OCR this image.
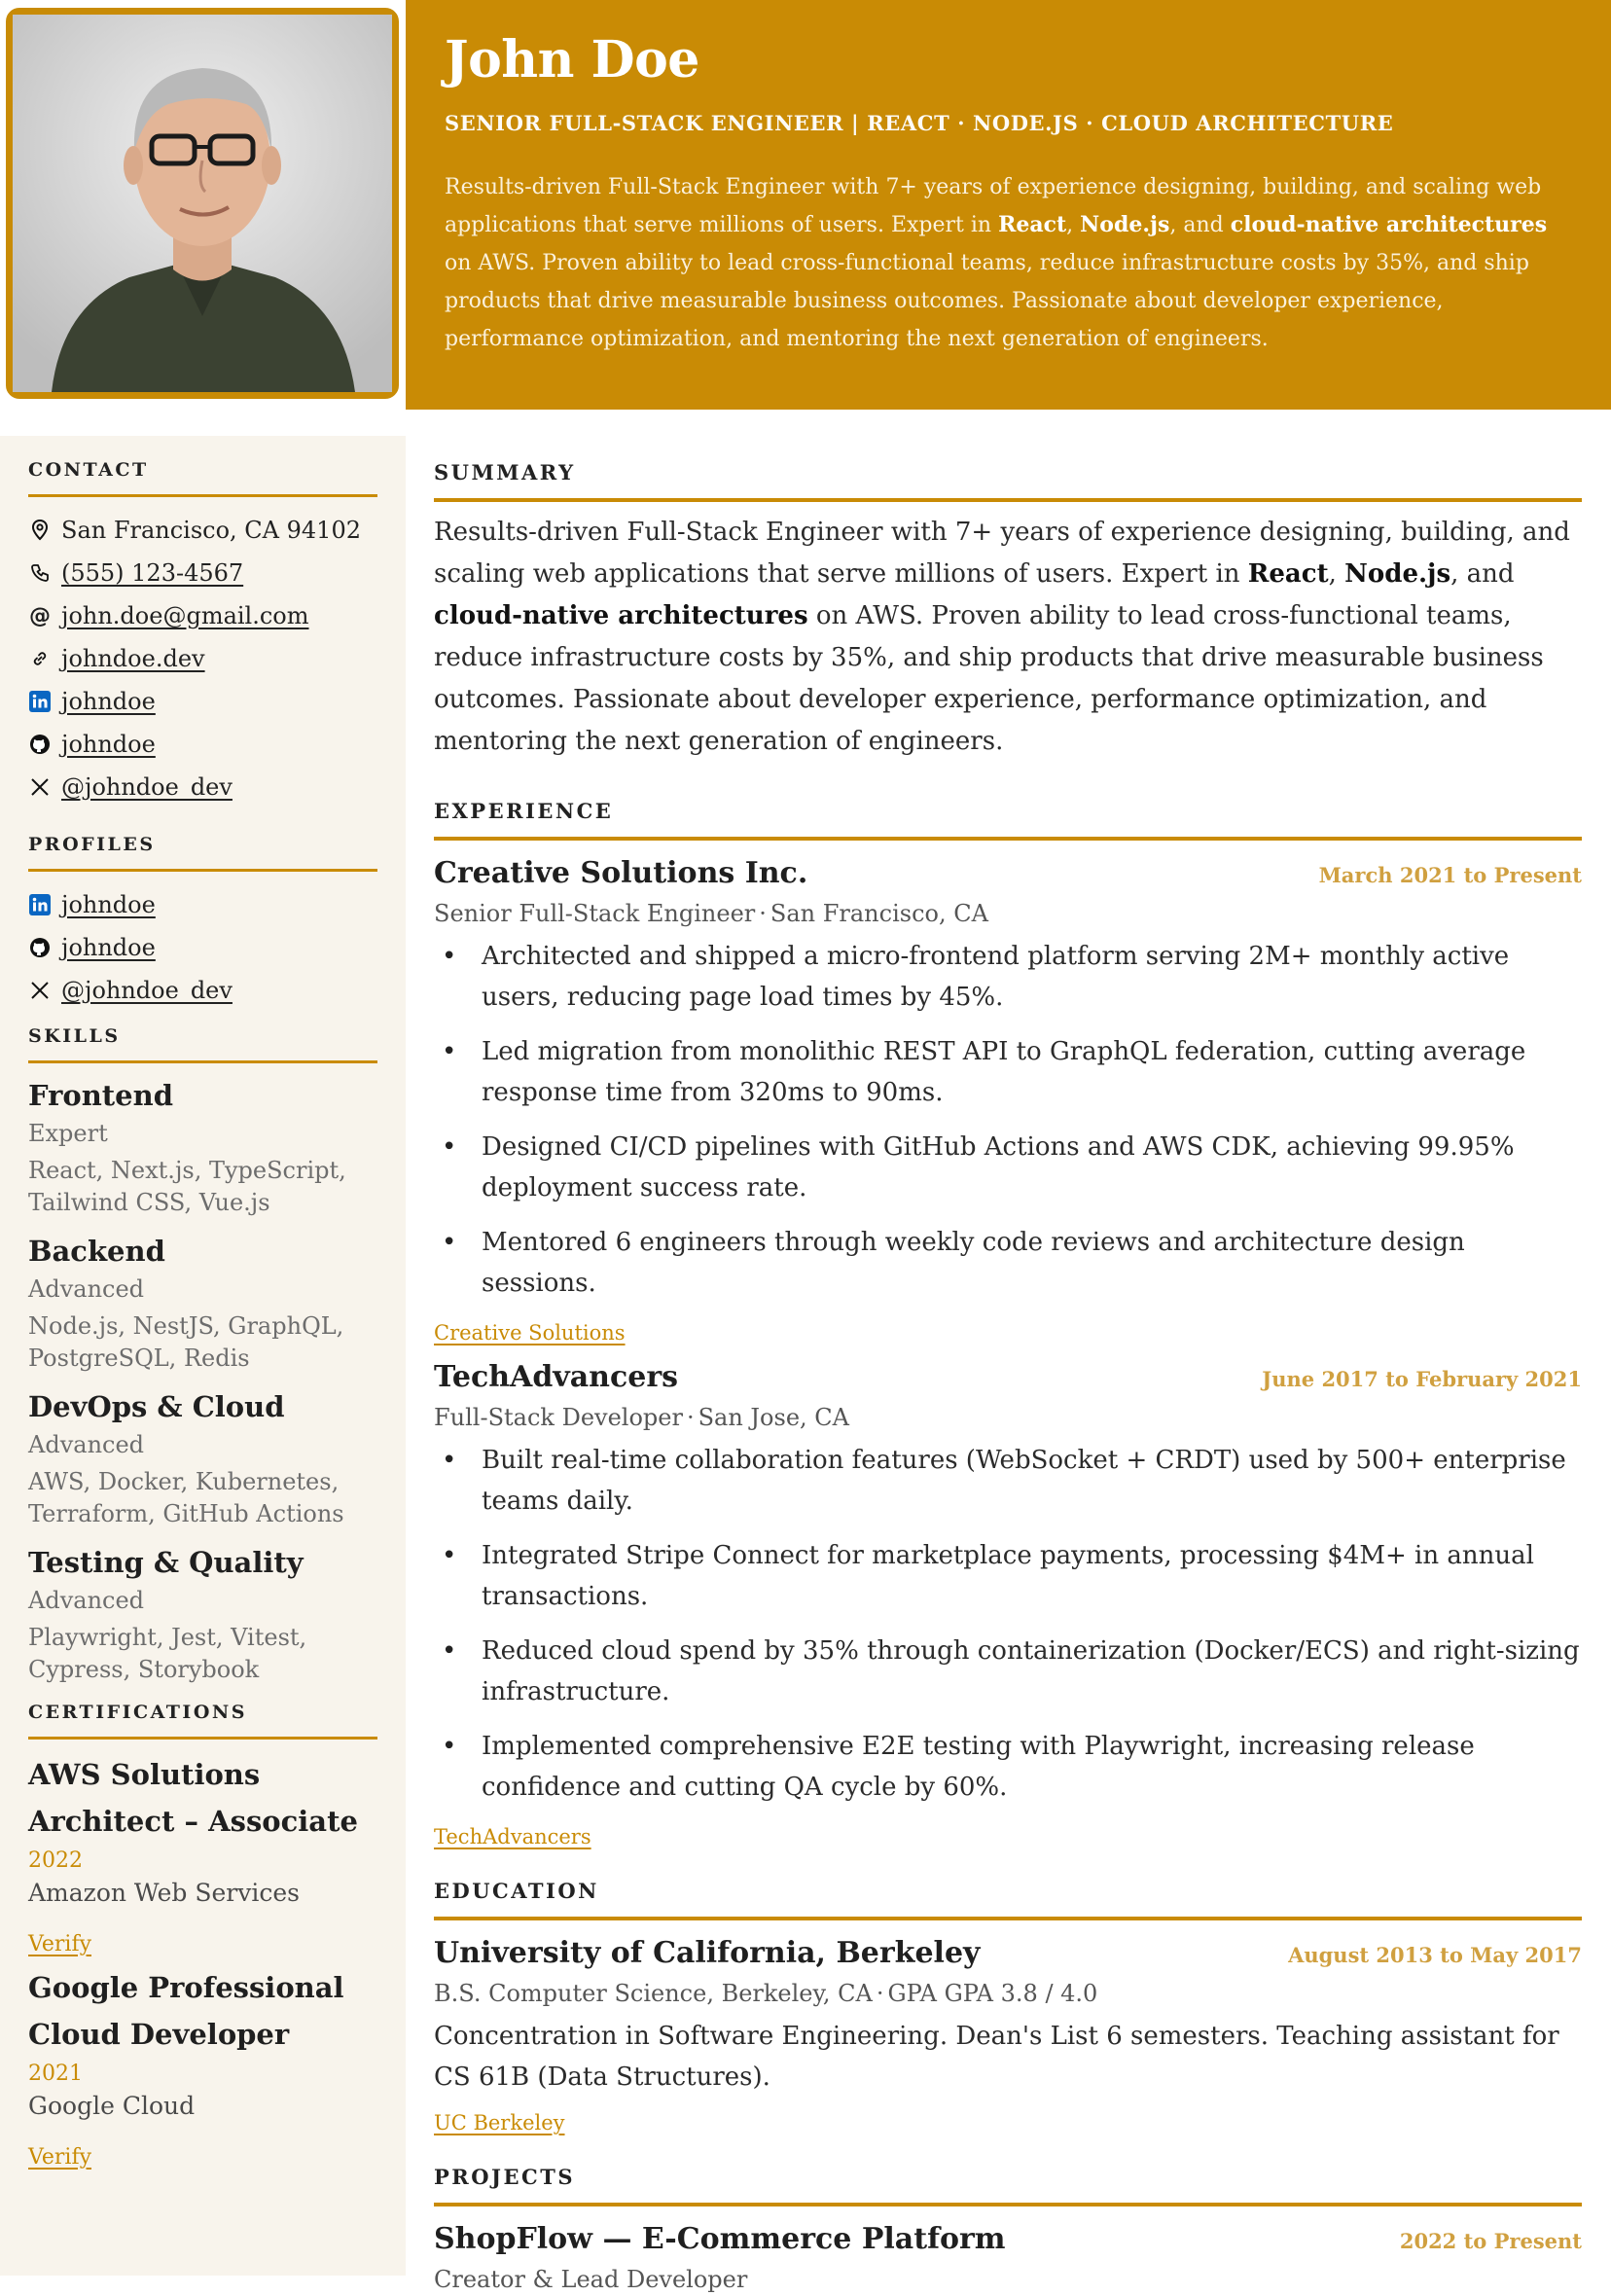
John Doe
SENIOR FULL-STACK ENGINEER | REACT · NODE.JS · CLOUD ARCHITECTURE
Results-driven Full-Stack Engineer with 7+ years of experience designing, building, and scaling web applications that serve millions of users. Expert in React, Node.js, and cloud-native architectures on AWS. Proven ability to lead cross-functional teams, reduce infrastructure costs by 35%, and ship products that drive measurable business outcomes. Passionate about developer experience, performance optimization, and mentoring the next generation of engineers.
CONTACT
San Francisco, CA 94102
(555) 123-4567
@ john.doe@gmail.com
johndoe.dev
johndoe
johndoe
@johndoe_dev
PROFILES
johndoe
johndoe
@johndoe_dev
SKILLS
Frontend
Expert
React, Next.js, TypeScript, Tailwind CSS, Vue.js
Backend
Advanced
Node.js, NestJS, GraphQL, PostgreSQL, Redis
DevOps & Cloud
Advanced
AWS, Docker, Kubernetes, Terraform, GitHub Actions
Testing & Quality
Advanced
Playwright, Jest, Vitest, Cypress, Storybook
CERTIFICATIONS
AWS Solutions Architect – Associate
2022
Amazon Web Services
Verify
Google Professional Cloud Developer
2021
Google Cloud
Verify
SUMMARY
Results-driven Full-Stack Engineer with 7+ years of experience designing, building, and scaling web applications that serve millions of users. Expert in React, Node.js, and cloud-native architectures on AWS. Proven ability to lead cross-functional teams, reduce infrastructure costs by 35%, and ship products that drive measurable business outcomes. Passionate about developer experience, performance optimization, and mentoring the next generation of engineers.
EXPERIENCE
Creative Solutions Inc.	March 2021 to Present
Senior Full-Stack Engineer · San Francisco, CA
• Architected and shipped a micro-frontend platform serving 2M+ monthly active users, reducing page load times by 45%.
• Led migration from monolithic REST API to GraphQL federation, cutting average response time from 320ms to 90ms.
• Designed CI/CD pipelines with GitHub Actions and AWS CDK, achieving 99.95% deployment success rate.
• Mentored 6 engineers through weekly code reviews and architecture design sessions.
Creative Solutions
TechAdvancers	June 2017 to February 2021
Full-Stack Developer · San Jose, CA
• Built real-time collaboration features (WebSocket + CRDT) used by 500+ enterprise teams daily.
• Integrated Stripe Connect for marketplace payments, processing $4M+ in annual transactions.
• Reduced cloud spend by 35% through containerization (Docker/ECS) and right-sizing infrastructure.
• Implemented comprehensive E2E testing with Playwright, increasing release confidence and cutting QA cycle by 60%.
TechAdvancers
EDUCATION
University of California, Berkeley	August 2013 to May 2017
B.S. Computer Science, Berkeley, CA · GPA GPA 3.8 / 4.0
Concentration in Software Engineering. Dean's List 6 semesters. Teaching assistant for CS 61B (Data Structures).
UC Berkeley
PROJECTS
ShopFlow — E-Commerce Platform	2022 to Present
Creator & Lead Developer
